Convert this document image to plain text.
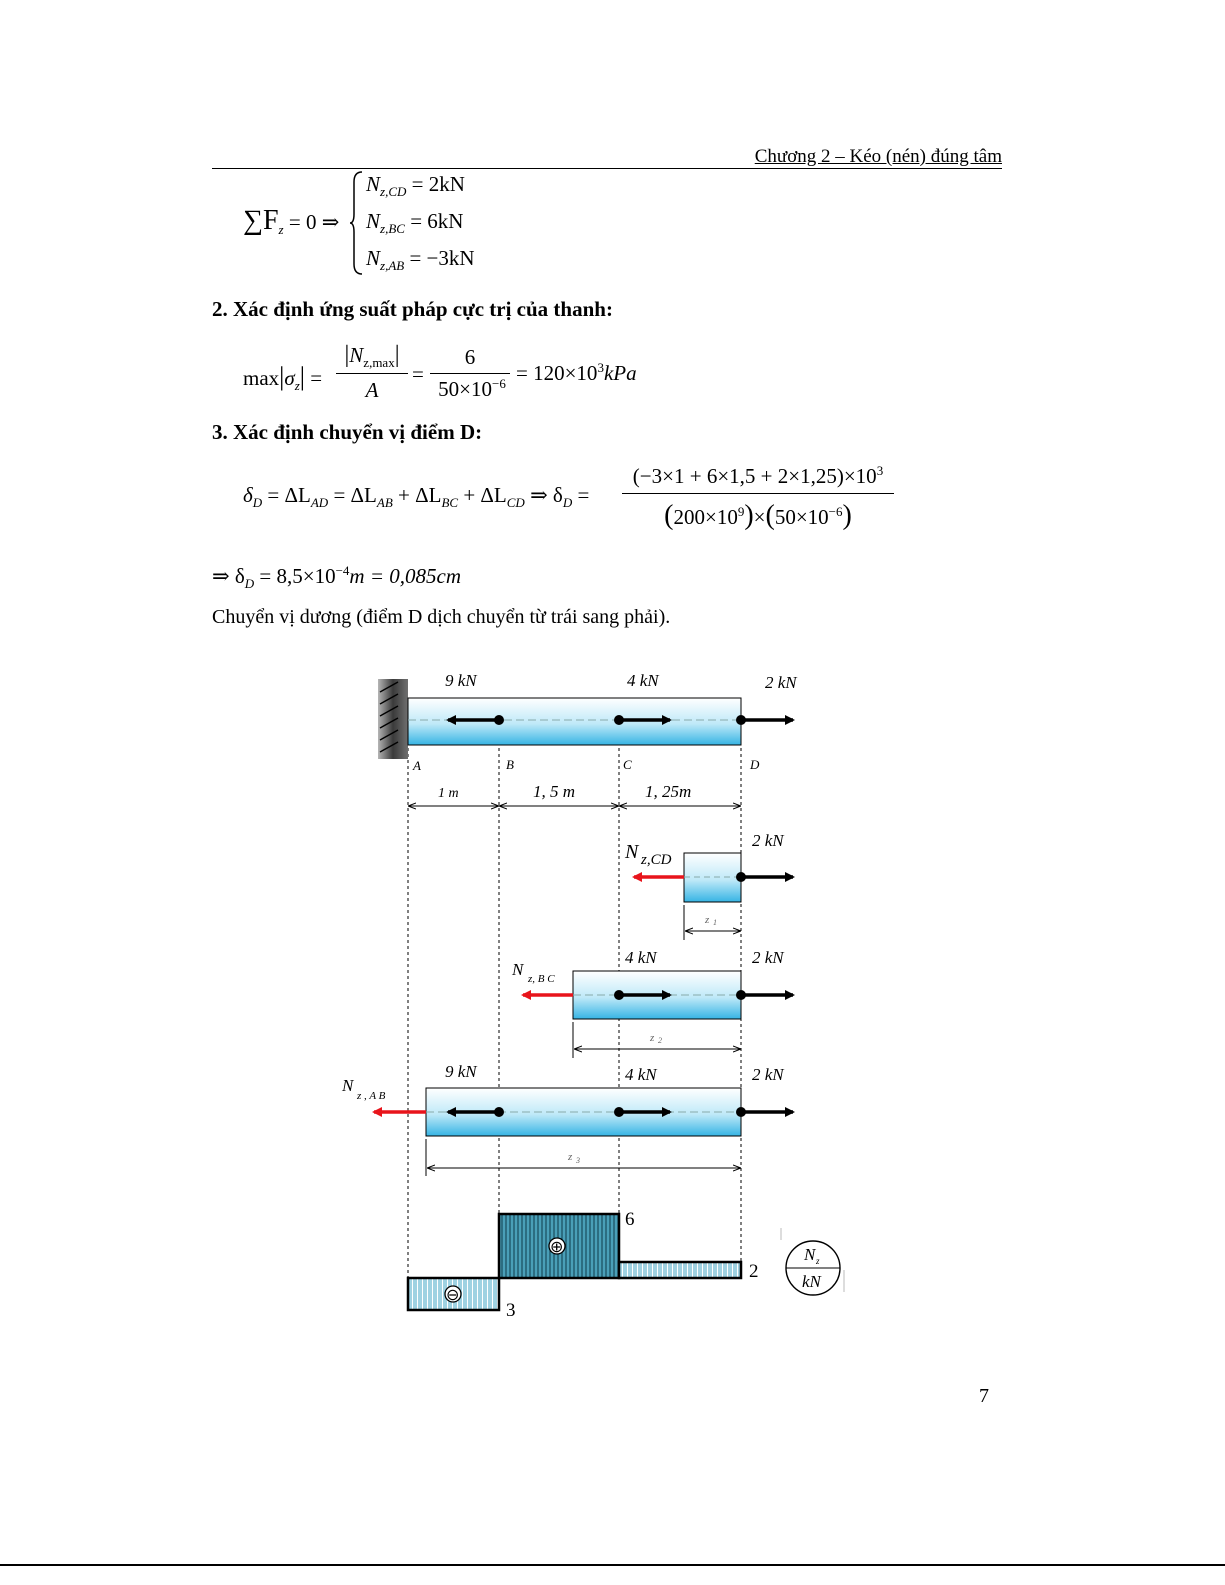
Chương 2 – Kéo (nén) đúng tâm
$\sum F_z = 0$ ⇒
$N_{z,CD} = 2kN$
$N_{z,BC} = 6kN$
$N_{z,AB} = -3kN$
2. Xác định ứng suất pháp cực trị của thanh:
$\max|\sigma_z|$ =
$|N_{z,max}|$
A
=
6
$50\times 10^{-6} = 120\times 10^3kPa$
3. Xác định chuyển vị điểm D:
$\delta_D = \Delta L_{AD} = \Delta L_{AB} + \Delta L_{BC} + \Delta L_{CD}$ ⇒ $\delta_D$ =
$(-3\times 1 + 6\times 1,5 + 2\times 1,25)\times 10^3$
$(200\times 10^9)\times(50\times 10^{-6})$
⇒ $\delta_D = 8,5\times 10^{-4}m = 0,085cm$
Chuyển vị dương (điểm D dịch chuyển từ trái sang phải).
9 kN	4 kN	2 kN
A	B	C	D
1 m	1, 5 m	1, 25m
N z,CD
2 kN
z 1
N z, B C
4 kN	2 kN
z 2
N
z , A B
9 kN	4 kN	2 kN
z 3
⊖
⊕
6
2
3
N z
kN
7
